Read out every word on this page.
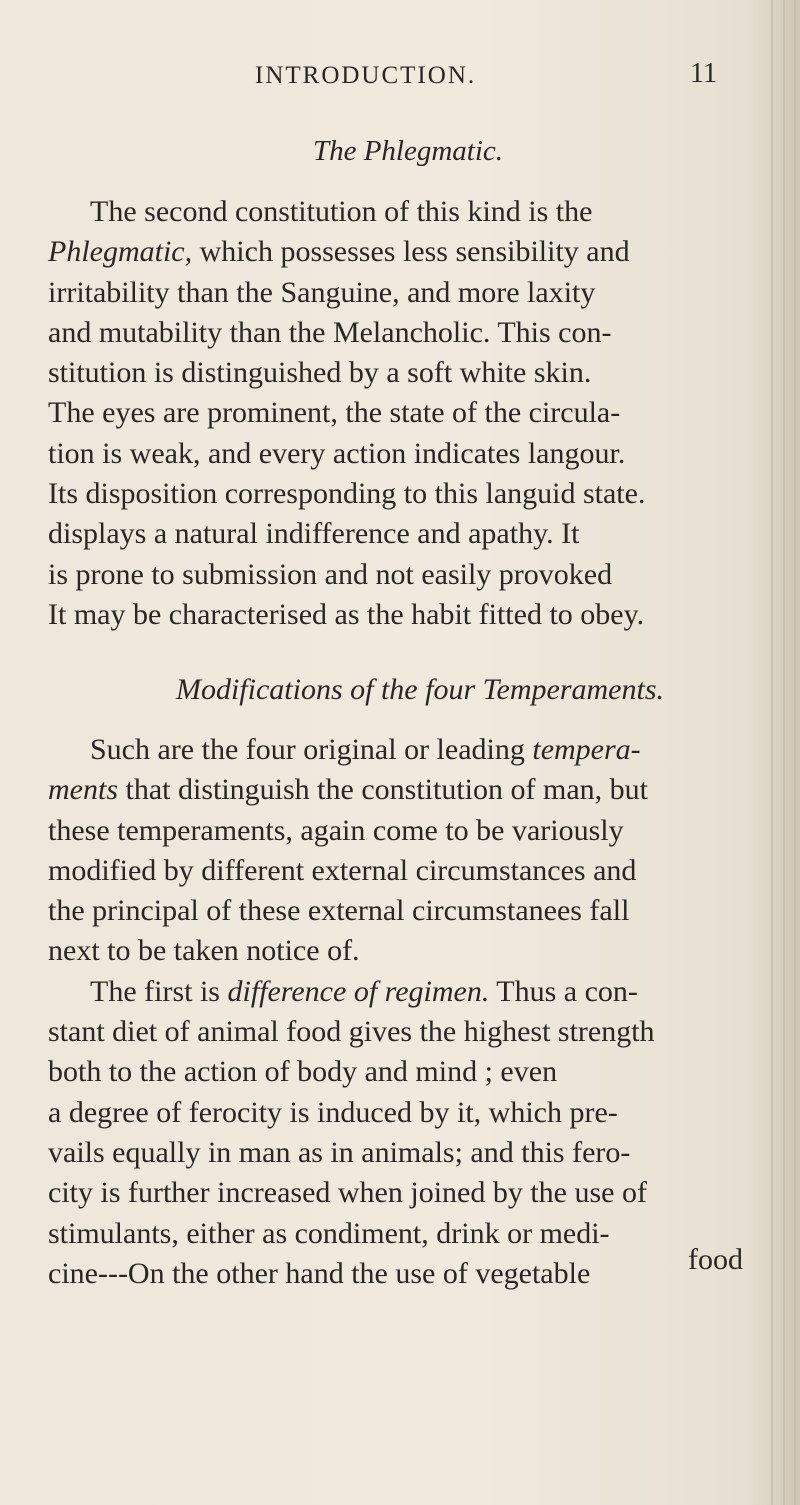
INTRODUCTION.	11
The Phlegmatic.
The second constitution of this kind is the
Phlegmatic, which possesses less sensibility and
irritability than the Sanguine, and more laxity
and mutability than the Melancholic. This con-
stitution is distinguished by a soft white skin.
The eyes are prominent, the state of the circula-
tion is weak, and every action indicates langour.
Its disposition corresponding to this languid state.
displays a natural indifference and apathy. It
is prone to submission and not easily provoked
It may be characterised as the habit fitted to obey.
Modifications of the four Temperaments.
Such are the four original or leading tempera-
ments that distinguish the constitution of man, but
these temperaments, again come to be variously
modified by different external circumstances and
the principal of these external circumstanees fall
next to be taken notice of.
The first is difference of regimen. Thus a con-
stant diet of animal food gives the highest strength
both to the action of body and mind ; even
a degree of ferocity is induced by it, which pre-
vails equally in man as in animals; and this fero-
city is further increased when joined by the use of
stimulants, either as condiment, drink or medi-
cine---On the other hand the use of vegetable	food
